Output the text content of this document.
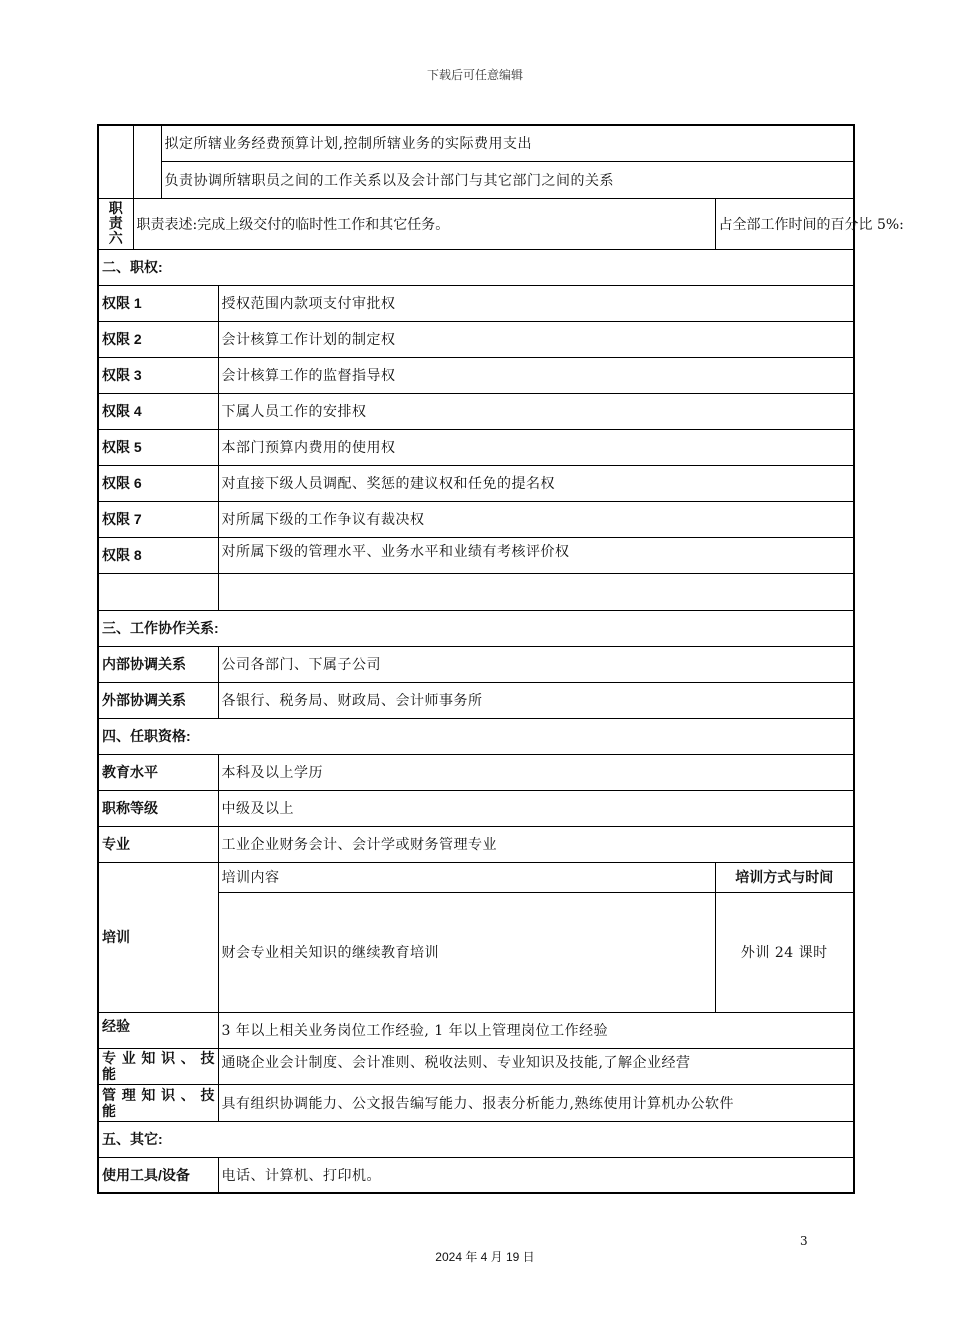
下载后可任意编辑
		拟定所辖业务经费预算计划,控制所辖业务的实际费用支出		
		负责协调所辖职员之间的工作关系以及会计部门与其它部门之间的关系		
职责六	职责表述:完成上级交付的临时性工作和其它任务。			占全部工作时间的百分比 5%:
二、职权:				
权限 1			授权范围内款项支付审批权	
权限 2			会计核算工作计划的制定权	
权限 3			会计核算工作的监督指导权	
权限 4			下属人员工作的安排权	
权限 5			本部门预算内费用的使用权	
权限 6			对直接下级人员调配、奖惩的建议权和任免的提名权	
权限 7			对所属下级的工作争议有裁决权	
权限 8			对所属下级的管理水平、业务水平和业绩有考核评价权	

三、工作协作关系:				
内部协调关系			公司各部门、下属子公司	
外部协调关系			各银行、税务局、财政局、会计师事务所	
四、任职资格:				
教育水平			本科及以上学历	
职称等级			中级及以上	
专业			工业企业财务会计、会计学或财务管理专业	
培训			培训内容	培训方式与时间
			财会专业相关知识的继续教育培训	外训 24 课时
经验			3 年以上相关业务岗位工作经验, 1 年以上管理岗位工作经验	
专业知识、技
能			通晓企业会计制度、会计准则、税收法则、专业知识及技能,了解企业经营	
管理知识、技
能			具有组织协调能力、公文报告编写能力、报表分析能力,熟练使用计算机办公软件	
五、其它:				
使用工具/设备			电话、计算机、打印机。	
3
2024 年 4 月 19 日
